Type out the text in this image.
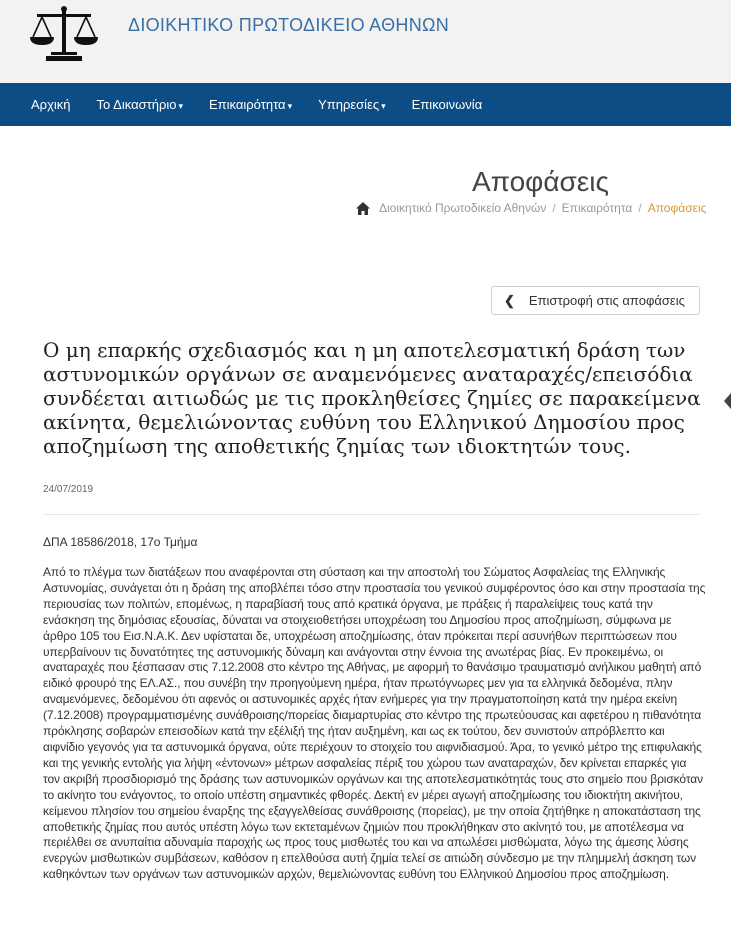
ΔΙΟΙΚΗΤΙΚΟ ΠΡΩΤΟΔΙΚΕΙΟ ΑΘΗΝΩΝ
Αρχική Το Δικαστήριο ▾ Επικαιρότητα ▾ Υπηρεσίες ▾ Επικοινωνία
Αποφάσεις
Διοικητικό Πρωτοδικείο Αθηνών / Επικαιρότητα / Αποφάσεις
❮ Επιστροφή στις αποφάσεις
Ο μη επαρκής σχεδιασμός και η μη αποτελεσματική δράση των αστυνομικών οργάνων σε αναμενόμενες αναταραχές/επεισόδια συνδέεται αιτιωδώς με τις προκληθείσες ζημίες σε παρακείμενα ακίνητα, θεμελιώνοντας ευθύνη του Ελληνικού Δημοσίου προς αποζημίωση της αποθετικής ζημίας των ιδιοκτητών τους.
24/07/2019
ΔΠΑ 18586/2018, 17ο Τμήμα

Από το πλέγμα των διατάξεων που αναφέρονται στη σύσταση και την αποστολή του Σώματος Ασφαλείας της Ελληνικής Αστυνομίας, συνάγεται ότι η δράση της αποβλέπει τόσο στην προστασία του γενικού συμφέροντος όσο και στην προστασία της περιουσίας των πολιτών, επομένως, η παραβίασή τους από κρατικά όργανα, με πράξεις ή παραλείψεις τους κατά την ενάσκηση της δημόσιας εξουσίας, δύναται να στοιχειοθετήσει υποχρέωση του Δημοσίου προς αποζημίωση, σύμφωνα με άρθρο 105 του Εισ.Ν.Α.Κ. Δεν υφίσταται δε, υποχρέωση αποζημίωσης, όταν πρόκειται περί ασυνήθων περιπτώσεων που υπερβαίνουν τις δυνατότητες της αστυνομικής δύναμη και ανάγονται στην έννοια της ανωτέρας βίας. Εν προκειμένω, οι αναταραχές που ξέσπασαν στις 7.12.2008 στο κέντρο της Αθήνας, με αφορμή το θανάσιμο τραυματισμό ανήλικου μαθητή από ειδικό φρουρό της ΕΛ.ΑΣ., που συνέβη την προηγούμενη ημέρα, ήταν πρωτόγνωρες μεν για τα ελληνικά δεδομένα, πλην αναμενόμενες, δεδομένου ότι αφενός οι αστυνομικές αρχές ήταν ενήμερες για την πραγματοποίηση κατά την ημέρα εκείνη (7.12.2008) προγραμματισμένης συνάθροισης/πορείας διαμαρτυρίας στο κέντρο της πρωτεύουσας και αφετέρου η πιθανότητα πρόκλησης σοβαρών επεισοδίων κατά την εξέλιξή της ήταν αυξημένη, και ως εκ τούτου, δεν συνιστούν απρόβλεπτο και αιφνίδιο γεγονός για τα αστυνομικά όργανα, ούτε περιέχουν το στοιχείο του αιφνιδιασμού. Άρα, το γενικό μέτρο της επιφυλακής και της γενικής εντολής για λήψη «έντονων» μέτρων ασφαλείας πέριξ του χώρου των αναταραχών, δεν κρίνεται επαρκές για τον ακριβή προσδιορισμό της δράσης των αστυνομικών οργάνων και της αποτελεσματικότητάς τους στο σημείο που βρισκόταν το ακίνητο του ενάγοντος, το οποίο υπέστη σημαντικές φθορές. Δεκτή εν μέρει αγωγή αποζημίωσης του ιδιοκτήτη ακινήτου, κείμενου πλησίον του σημείου έναρξης της εξαγγελθείσας συνάθροισης (πορείας), με την οποία ζητήθηκε η αποκατάσταση της αποθετικής ζημίας που αυτός υπέστη λόγω των εκτεταμένων ζημιών που προκλήθηκαν στο ακίνητό του, με αποτέλεσμα να περιέλθει σε ανυπαίτια αδυναμία παροχής ως προς τους μισθωτές του και να απωλέσει μισθώματα, λόγω της άμεσης λύσης ενεργών μισθωτικών συμβάσεων, καθόσον η επελθούσα αυτή ζημία τελεί σε αιτιώδη σύνδεσμο με την πλημμελή άσκηση των καθηκόντων των οργάνων των αστυνομικών αρχών, θεμελιώνοντας ευθύνη του Ελληνικού Δημοσίου προς αποζημίωση.
